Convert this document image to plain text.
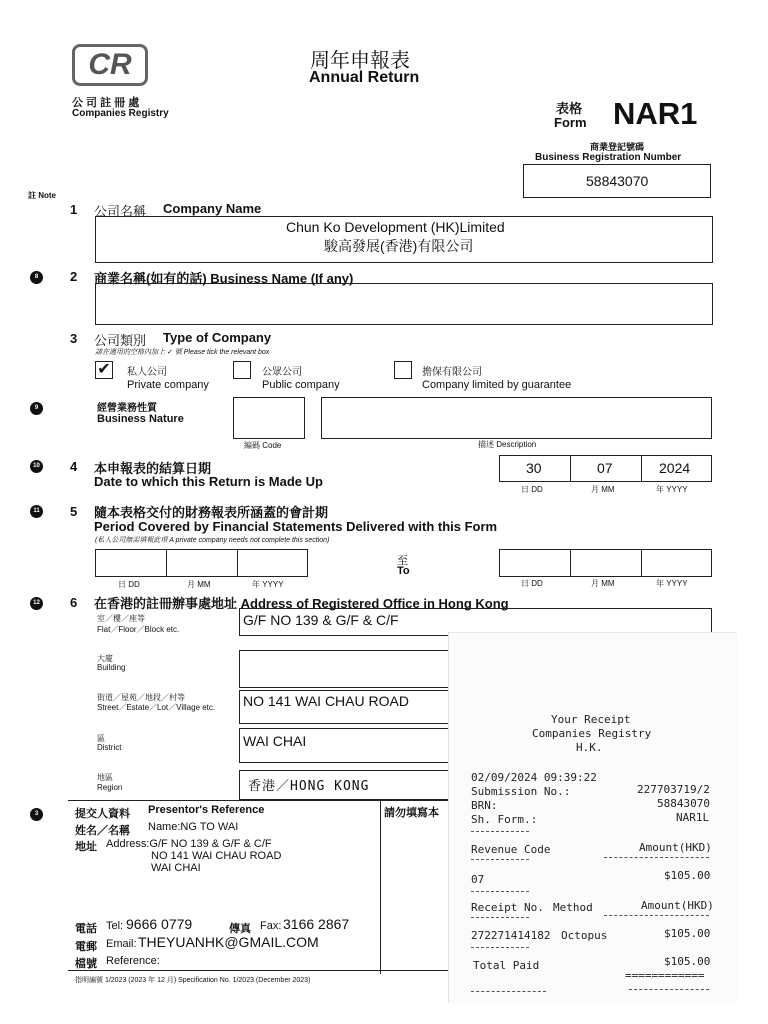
CR
公 司 註 冊 處
Companies Registry
周年申報表
Annual Return
表格
Form NAR1
商業登記號碼
Business Registration Number
58843070
註 Note
1 公司名稱 Company Name
Chun Ko Development (HK)Limited
駿高發展(香港)有限公司
8	2 商業名稱(如有的話) Business Name (If any)
3 公司類別 Type of Company
請在適用的空格內加上 ✓ 號 Please tick the relevant box
✔ 私人公司
Private company
公眾公司
Public company
擔保有限公司
Company limited by guarantee
9	經營業務性質
Business Nature
編碼 Code	描述 Description
10 4 本申報表的結算日期
Date to which this Return is Made Up
30	07	2024
日 DD	月 MM	年 YYYY
11 5 隨本表格交付的財務報表所涵蓋的會計期
Period Covered by Financial Statements Delivered with this Form
(私人公司無需填報此項 A private company needs not complete this section)
日 DD	月 MM	年 YYYY
至
To
日 DD	月 MM	年 YYYY
12 6 在香港的註冊辦事處地址 Address of Registered Office in Hong Kong
室／樓／座等
Flat／Floor／Block etc.
G/F NO 139 & G/F & C/F
大廈
Building
街道／屋苑／地段／村等
Street／Estate／Lot／Village etc.	NO 141 WAI CHAU ROAD
區
District	WAI CHAI
地區
Region	香港／HONG KONG
3	提交人資料 Presentor's Reference	請勿填寫本
姓名／名稱 Name:NG TO WAI
地址 Address:G/F NO 139 & G/F & C/F
NO 141 WAI CHAU ROAD
WAI CHAI
電話 Tel: 9666 0779	傳真 Fax: 3166 2867
電郵 Email: THEYUANHK@GMAIL.COM
檔號 Reference:
指明編號 1/2023 (2023 年 12 月) Specification No. 1/2023 (December 2023)
Your Receipt
Companies Registry
H.K.
02/09/2024 09:39:22
Submission No.:	227703719/2
BRN:	58843070
Sh. Form.:	NAR1L
Revenue Code	Amount(HKD)
07	$105.00
Receipt No. Method	Amount(HKD)
272271414182 Octopus	$105.00
Total Paid	$105.00
============
